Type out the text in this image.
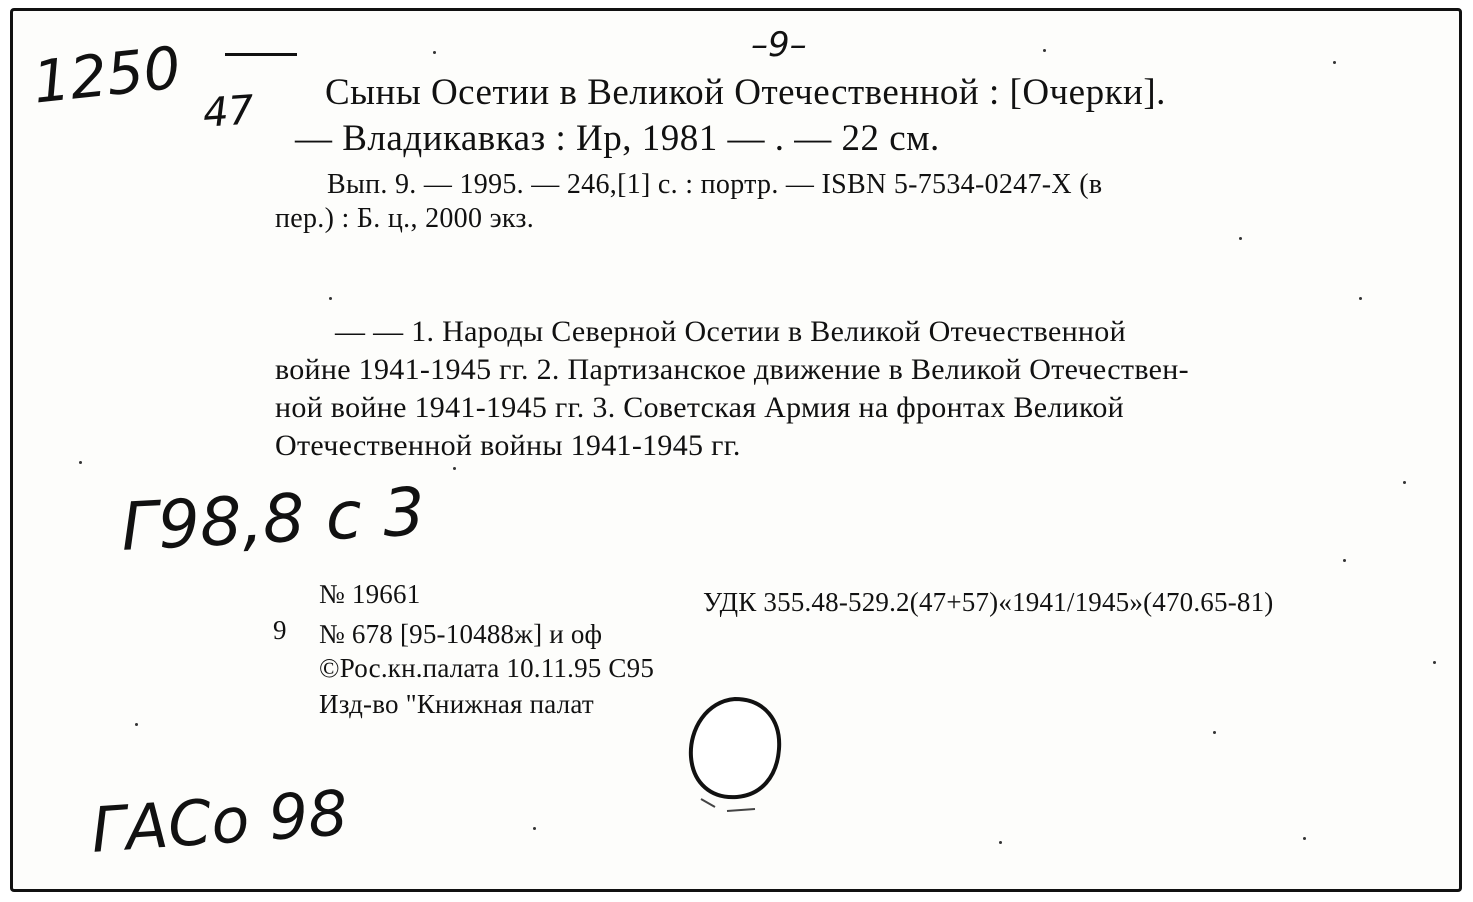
1250 47
–9–
Г98,8 с 3
ГАСо 98
Сыны Осетии в Великой Отечественной : [Очерки].
— Владикавказ : Ир, 1981 — . — 22 см.
Вып. 9. — 1995. — 246,[1] с. : портр. — ISBN 5-7534-0247-X (в
пер.) : Б. ц., 2000 экз.
— — 1. Народы Северной Осетии в Великой Отечественной
войне 1941-1945 гг. 2. Партизанское движение в Великой Отечествен-
ной войне 1941-1945 гг. 3. Советская Армия на фронтах Великой
Отечественной войны 1941-1945 гг.
№ 19661	УДК 355.48-529.2(47+57)«1941/1945»(470.65-81)
9 № 678 [95-10488ж] и оф
©Рос.кн.палата 10.11.95 С95
Изд-во "Книжная палат
